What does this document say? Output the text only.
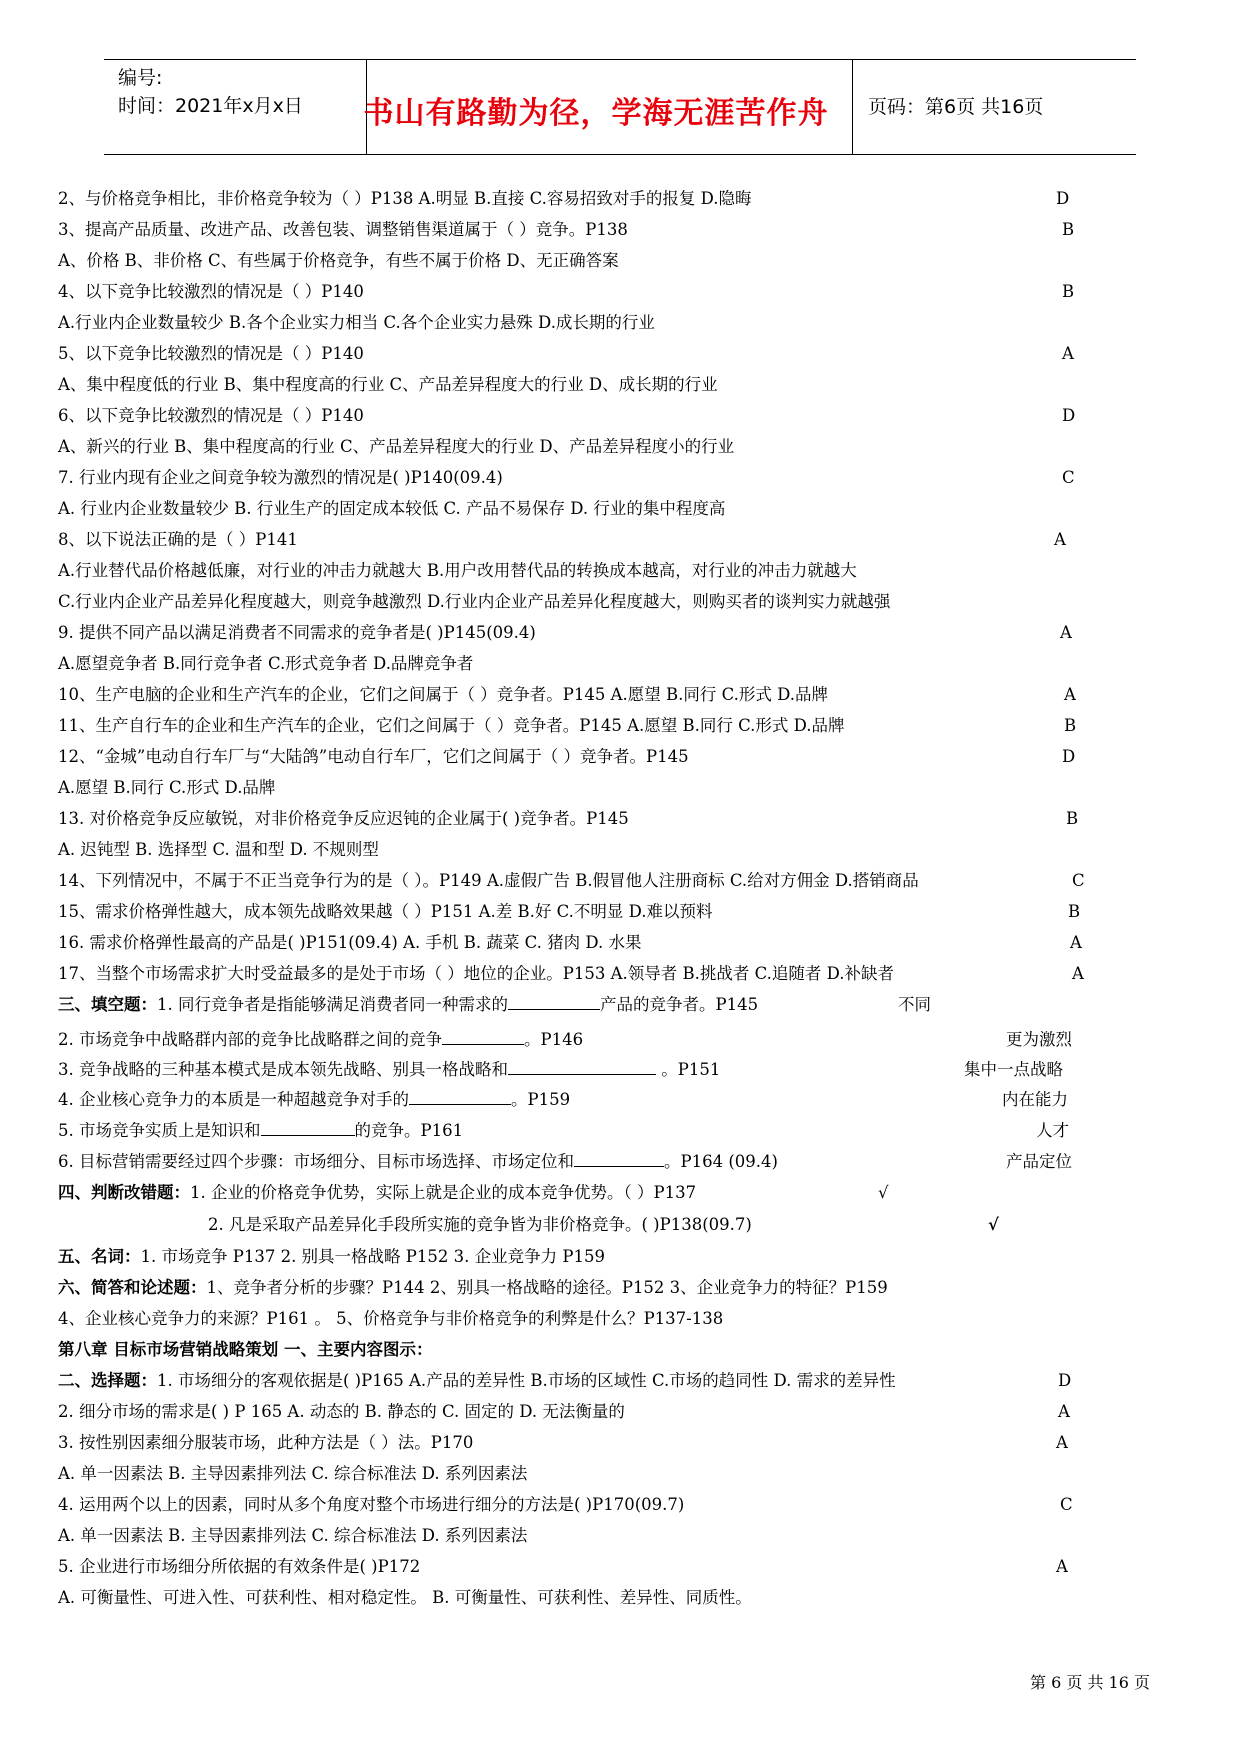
编号:
时间：2021年x月x日	书山有路勤为径，学海无涯苦作舟	页码：第6页 共16页
2、与价格竞争相比，非价格竞争较为（ ）P138 A.明显 B.直接 C.容易招致对手的报复 D.隐晦	D
3、提高产品质量、改进产品、改善包装、调整销售渠道属于（ ）竞争。P138	B
A、价格 B、非价格 C、有些属于价格竞争，有些不属于价格 D、无正确答案
4、以下竞争比较激烈的情况是（ ）P140	B
A.行业内企业数量较少 B.各个企业实力相当 C.各个企业实力悬殊 D.成长期的行业
5、以下竞争比较激烈的情况是（ ）P140	A
A、集中程度低的行业 B、集中程度高的行业 C、产品差异程度大的行业 D、成长期的行业
6、以下竞争比较激烈的情况是（ ）P140	D
A、新兴的行业 B、集中程度高的行业 C、产品差异程度大的行业 D、产品差异程度小的行业
7. 行业内现有企业之间竞争较为激烈的情况是( )P140(09.4)	C
A. 行业内企业数量较少 B. 行业生产的固定成本较低 C. 产品不易保存 D. 行业的集中程度高
8、以下说法正确的是（ ）P141	A
A.行业替代品价格越低廉，对行业的冲击力就越大 B.用户改用替代品的转换成本越高，对行业的冲击力就越大
C.行业内企业产品差异化程度越大，则竞争越激烈 D.行业内企业产品差异化程度越大，则购买者的谈判实力就越强
9. 提供不同产品以满足消费者不同需求的竞争者是( )P145(09.4)	A
A.愿望竞争者 B.同行竞争者 C.形式竞争者 D.品牌竞争者
10、生产电脑的企业和生产汽车的企业，它们之间属于（ ）竞争者。P145 A.愿望 B.同行 C.形式 D.品牌	A
11、生产自行车的企业和生产汽车的企业，它们之间属于（ ）竞争者。P145 A.愿望 B.同行 C.形式 D.品牌	B
12、“金城”电动自行车厂与“大陆鸽”电动自行车厂，它们之间属于（ ）竞争者。P145	D
A.愿望 B.同行 C.形式 D.品牌
13. 对价格竞争反应敏锐，对非价格竞争反应迟钝的企业属于( )竞争者。P145	B
A. 迟钝型 B. 选择型 C. 温和型 D. 不规则型
14、下列情况中，不属于不正当竞争行为的是（ ）。P149 A.虚假广告 B.假冒他人注册商标 C.给对方佣金 D.搭销商品	C
15、需求价格弹性越大，成本领先战略效果越（ ）P151 A.差 B.好 C.不明显 D.难以预料	B
16. 需求价格弹性最高的产品是( )P151(09.4) A. 手机 B. 蔬菜 C. 猪肉 D. 水果	A
17、当整个市场需求扩大时受益最多的是处于市场（ ）地位的企业。P153 A.领导者 B.挑战者 C.追随者 D.补缺者	A
三、填空题：1. 同行竞争者是指能够满足消费者同一种需求的	产品的竞争者。P145	不同
2. 市场竞争中战略群内部的竞争比战略群之间的竞争	。P146	更为激烈
3. 竞争战略的三种基本模式是成本领先战略、别具一格战略和	。P151	集中一点战略
4. 企业核心竞争力的本质是一种超越竞争对手的	。P159	内在能力
5. 市场竞争实质上是知识和	的竞争。P161	人才
6. 目标营销需要经过四个步骤：市场细分、目标市场选择、市场定位和	。P164 (09.4)	产品定位
四、判断改错题：1. 企业的价格竞争优势，实际上就是企业的成本竞争优势。（ ）P137	√
2. 凡是采取产品差异化手段所实施的竞争皆为非价格竞争。( )P138(09.7)	√
五、名词：1. 市场竞争 P137 2. 别具一格战略 P152 3. 企业竞争力 P159
六、简答和论述题：1、竞争者分析的步骤？P144 2、别具一格战略的途径。P152 3、企业竞争力的特征？P159
4、企业核心竞争力的来源？P161 。 5、价格竞争与非价格竞争的利弊是什么？P137-138
第八章 目标市场营销战略策划 一、主要内容图示：
二、选择题：1. 市场细分的客观依据是( )P165 A.产品的差异性 B.市场的区域性 C.市场的趋同性 D. 需求的差异性	D
2. 细分市场的需求是( ) P 165 A. 动态的 B. 静态的 C. 固定的 D. 无法衡量的	A
3. 按性别因素细分服装市场，此种方法是（ ）法。P170	A
A. 单一因素法 B. 主导因素排列法 C. 综合标准法 D. 系列因素法
4. 运用两个以上的因素，同时从多个角度对整个市场进行细分的方法是( )P170(09.7)	C
A. 单一因素法 B. 主导因素排列法 C. 综合标准法 D. 系列因素法
5. 企业进行市场细分所依据的有效条件是( )P172	A
A. 可衡量性、可进入性、可获利性、相对稳定性。 B. 可衡量性、可获利性、差异性、同质性。
第 6 页 共 16 页
